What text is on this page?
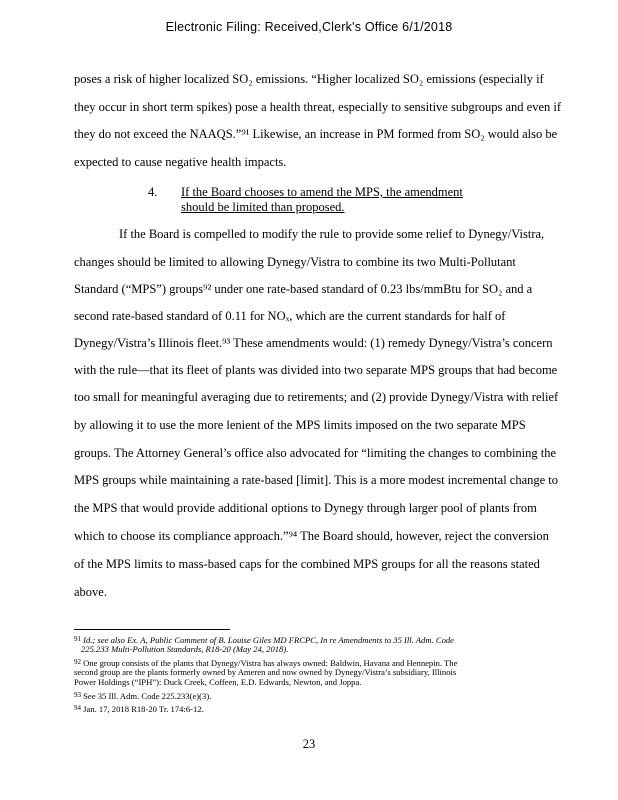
Electronic Filing: Received,Clerk's Office 6/1/2018
poses a risk of higher localized SO₂ emissions. “Higher localized SO₂ emissions (especially if
they occur in short term spikes) pose a health threat, especially to sensitive subgroups and even if
they do not exceed the NAAQS.”⁹¹ Likewise, an increase in PM formed from SO₂ would also be
expected to cause negative health impacts.
4. If the Board chooses to amend the MPS, the amendment should be limited than proposed.
If the Board is compelled to modify the rule to provide some relief to Dynegy/Vistra,
changes should be limited to allowing Dynegy/Vistra to combine its two Multi-Pollutant
Standard (“MPS”) groups⁹² under one rate-based standard of 0.23 lbs/mmBtu for SO₂ and a
second rate-based standard of 0.11 for NOₓ, which are the current standards for half of
Dynegy/Vistra’s Illinois fleet.⁹³ These amendments would: (1) remedy Dynegy/Vistra’s concern
with the rule—that its fleet of plants was divided into two separate MPS groups that had become
too small for meaningful averaging due to retirements; and (2) provide Dynegy/Vistra with relief
by allowing it to use the more lenient of the MPS limits imposed on the two separate MPS
groups. The Attorney General’s office also advocated for “limiting the changes to combining the
MPS groups while maintaining a rate-based [limit]. This is a more modest incremental change to
the MPS that would provide additional options to Dynegy through larger pool of plants from
which to choose its compliance approach.”⁹⁴ The Board should, however, reject the conversion
of the MPS limits to mass-based caps for the combined MPS groups for all the reasons stated
above.
$^{91}$ Id.; see also Ex. A, Public Comment of B. Louise Giles MD FRCPC, In re Amendments to 35 Ill. Adm. Code
225.233 Multi-Pollution Standards, R18-20 (May 24, 2018).
$^{92}$ One group consists of the plants that Dynegy/Vistra has always owned: Baldwin, Havana and Hennepin. The
second group are the plants formerly owned by Ameren and now owned by Dynegy/Vistra’s subsidiary, Illinois
Power Holdings (“IPH”): Duck Creek, Coffeen, E.D. Edwards, Newton, and Joppa.
$^{93}$ See 35 Ill. Adm. Code 225.233(e)(3).
$^{94}$ Jan. 17, 2018 R18-20 Tr. 174:6-12.
23
